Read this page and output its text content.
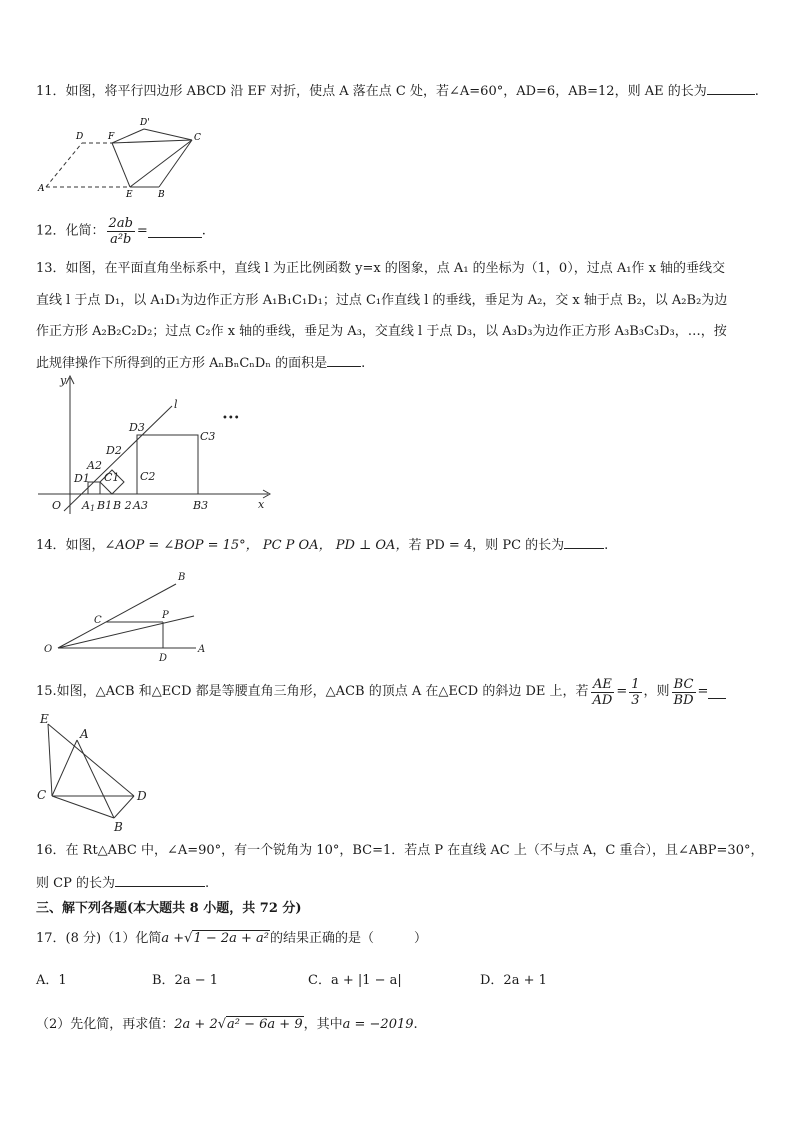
11．如图，将平行四边形 ABCD 沿 EF 对折，使点 A 落在点 C 处，若∠A=60°，AD=6，AB=12，则 AE 的长为	.
D	F
D'
C
A
E	B
12．化简： $\frac{2ab}{\text{a²b}}$ =	.
13．如图，在平面直角坐标系中，直线 l 为正比例函数 y=x 的图象，点 A₁ 的坐标为（1，0），过点 A₁作 x 轴的垂线交
直线 l 于点 D₁，以 A₁D₁为边作正方形 A₁B₁C₁D₁；过点 C₁作直线 l 的垂线，垂足为 A₂，交 x 轴于点 B₂，以 A₂B₂为边
作正方形 A₂B₂C₂D₂；过点 C₂作 x 轴的垂线，垂足为 A₃，交直线 l 于点 D₃，以 A₃D₃为边作正方形 A₃B₃C₃D₃，…，按
此规律操作下所得到的正方形 AₙBₙCₙDₙ 的面积是	.
y
x
O
l
•••
D3
C3
D2
A2
D1 C1 C2
A 1 B1 B 2 A3	B3
14．如图，∠AOP = ∠BOP = 15°， PC P OA， PD ⊥ OA，若 PD = 4，则 PC 的长为	.
B
C	P
O
D
A
15.如图，△ACB 和△ECD 都是等腰直角三角形，△ACB 的顶点 A 在△ECD 的斜边 DE 上，若 $\frac{AE}{AD} = \frac{1}{3}$ ，则 $\frac{BC}{BD}$ =
E
A
C	D
B
16．在 Rt△ABC 中，∠A=90°，有一个锐角为 10°，BC=1．若点 P 在直线 AC 上（不与点 A，C 重合），且∠ABP=30°，
则 CP 的长为	.
三、解下列各题(本大题共 8 小题，共 72 分)
17．(8 分)（1）化简a +√1 − 2a + a²的结果正确的是（	）
A．1	B．2a − 1	C．a + |1 − a|	D．2a + 1
（2）先化简，再求值：2a + 2√a² − 6a + 9，其中a = −2019.
